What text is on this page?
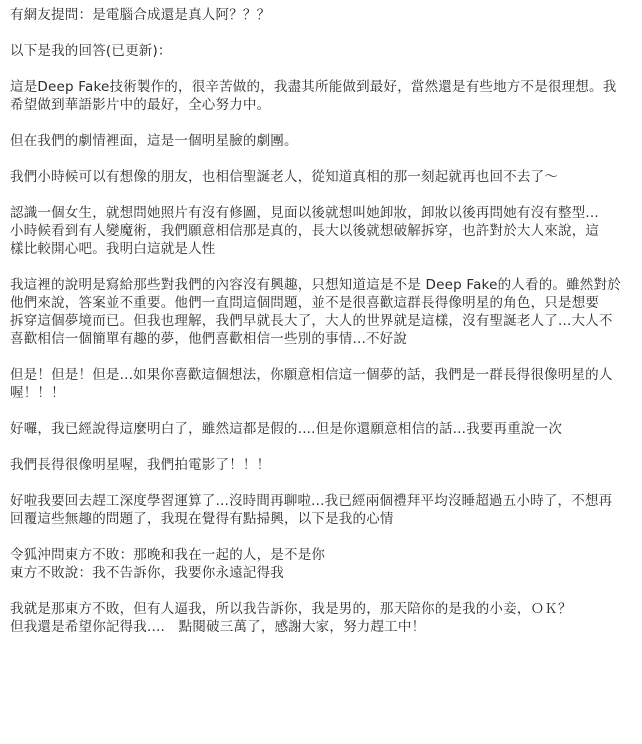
有網友提問：是電腦合成還是真人阿？？？
以下是我的回答(已更新)：
這是Deep Fake技術製作的，很辛苦做的，我盡其所能做到最好，當然還是有些地方不是很理想。我
希望做到華語影片中的最好，全心努力中。
但在我們的劇情裡面，這是一個明星臉的劇團。
我們小時候可以有想像的朋友，也相信聖誕老人，從知道真相的那一刻起就再也回不去了～
認識一個女生，就想問她照片有沒有修圖，見面以後就想叫她卸妝，卸妝以後再問她有沒有整型...
小時候看到有人變魔術，我們願意相信那是真的，長大以後就想破解拆穿，也許對於大人來說，這
樣比較開心吧。我明白這就是人性
我這裡的說明是寫給那些對我們的內容沒有興趣，只想知道這是不是 Deep Fake的人看的。雖然對於
他們來說，答案並不重要。他們一直問這個問題，並不是很喜歡這群長得像明星的角色，只是想要
拆穿這個夢境而已。但我也理解，我們早就長大了，大人的世界就是這樣，沒有聖誕老人了...大人不
喜歡相信一個簡單有趣的夢，他們喜歡相信一些別的事情...不好說
但是！但是！但是...如果你喜歡這個想法，你願意相信這一個夢的話，我們是一群長得很像明星的人
喔！！！
好囉，我已經說得這麼明白了，雖然這都是假的....但是你還願意相信的話...我要再重說一次
我們長得很像明星喔，我們拍電影了！！！
好啦我要回去趕工深度學習運算了...沒時間再聊啦...我已經兩個禮拜平均沒睡超過五小時了，不想再
回覆這些無趣的問題了，我現在覺得有點掃興，以下是我的心情
令狐沖問東方不敗：那晚和我在一起的人，是不是你
東方不敗說：我不告訴你，我要你永遠記得我
我就是那東方不敗，但有人逼我，所以我告訴你，我是男的，那天陪你的是我的小妾，ＯＫ？
但我還是希望你記得我....　點閱破三萬了，感謝大家，努力趕工中！
